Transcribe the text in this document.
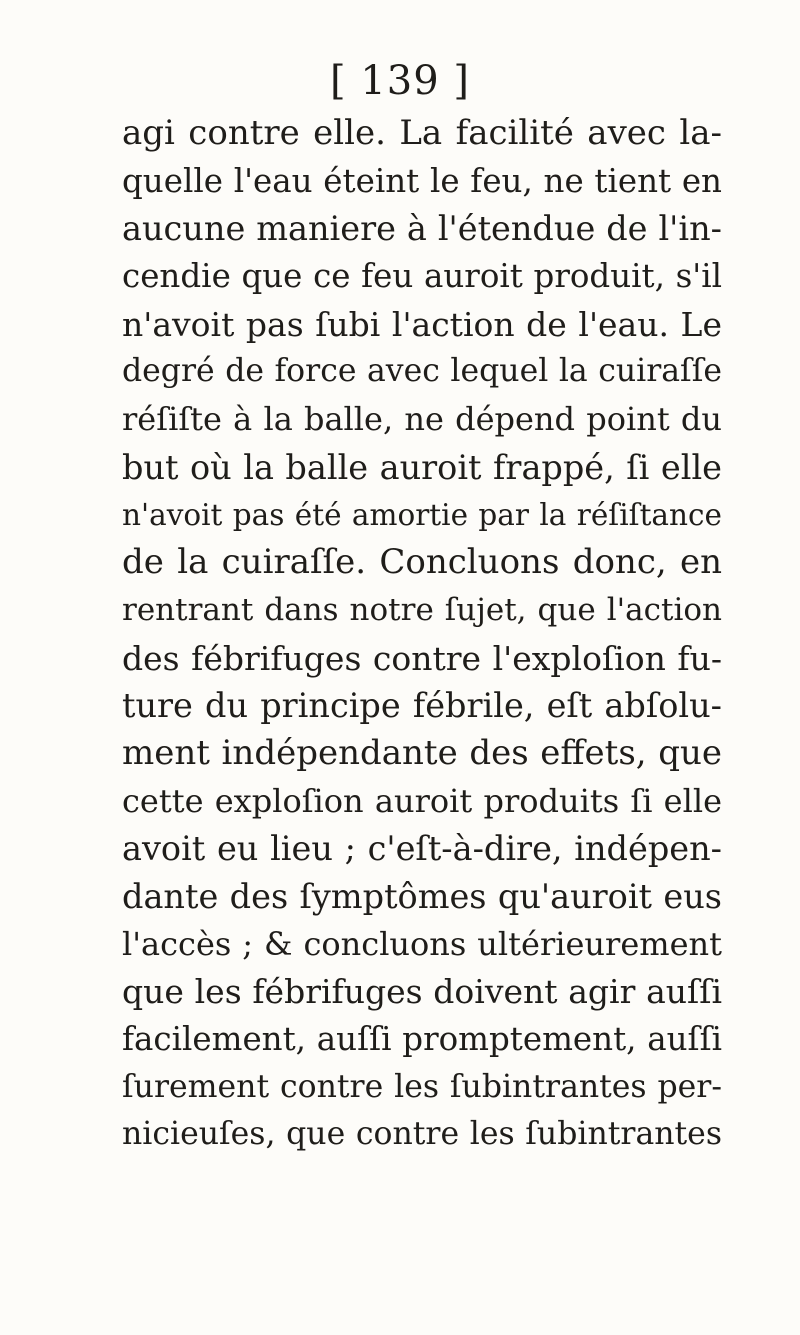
[ 139 ]
agi contre elle. La facilité avec la-
quelle l'eau éteint le feu, ne tient en
aucune maniere à l'étendue de l'in-
cendie que ce feu auroit produit, s'il
n'avoit pas ſubi l'action de l'eau. Le
degré de force avec lequel la cuiraſſe
réſiſte à la balle, ne dépend point du
but où la balle auroit frappé, ſi elle
n'avoit pas été amortie par la réſiſtance
de la cuiraſſe. Concluons donc, en
rentrant dans notre ſujet, que l'action
des fébrifuges contre l'exploſion fu-
ture du principe fébrile, eſt abſolu-
ment indépendante des effets, que
cette exploſion auroit produits ſi elle
avoit eu lieu ; c'eſt-à-dire, indépen-
dante des ſymptômes qu'auroit eus
l'accès ; & concluons ultérieurement
que les fébrifuges doivent agir auſſi
facilement, auſſi promptement, auſſi
ſurement contre les ſubintrantes per-
nicieuſes, que contre les ſubintrantes
